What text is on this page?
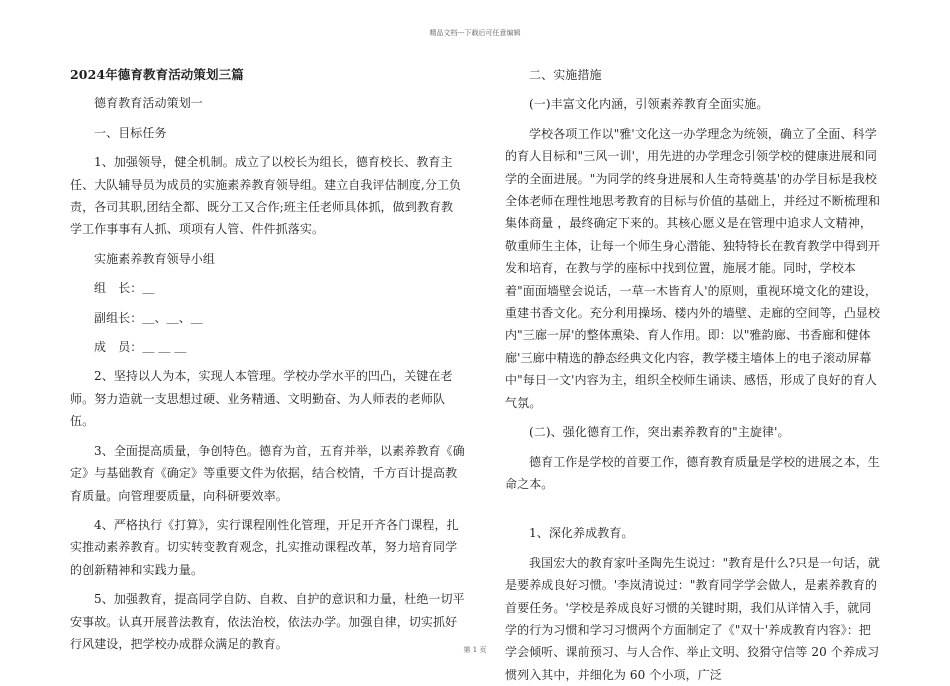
精品文档---下载后可任意编辑

2024年德育教育活动策划三篇

德育教育活动策划一

一、目标任务

1、加强领导，健全机制。成立了以校长为组长，德育校长、教育主任、大队辅导员为成员的实施素养教育领导组。建立自我评估制度,分工负责，各司其职,团结全都、既分工又合作;班主任老师具体抓，做到教育教学工作事事有人抓、项项有人管、件件抓落实。

实施素养教育领导小组

组　长：＿

副组长：＿、＿、＿

成　员：＿ ＿ ＿

2、坚持以人为本，实现人本管理。学校办学水平的凹凸，关键在老师。努力造就一支思想过硬、业务精通、文明勤奋、为人师表的老师队伍。

3、全面提高质量，争创特色。德育为首，五育并举，以素养教育《确定》与基础教育《确定》等重要文件为依据，结合校情，千方百计提高教育质量。向管理要质量，向科研要效率。

4、严格执行《打算》，实行课程刚性化管理，开足开齐各门课程，扎实推动素养教育。切实转变教育观念，扎实推动课程改革，努力培育同学的创新精神和实践力量。

5、加强教育，提高同学自防、自救、自护的意识和力量，杜绝一切平安事故。认真开展普法教育，依法治校，依法办学。加强自律，切实抓好行风建设，把学校办成群众满足的教育。

二、实施措施

(一)丰富文化内涵，引领素养教育全面实施。

学校各项工作以"雅'文化这一办学理念为统领，确立了全面、科学的育人目标和"三风一训'，用先进的办学理念引领学校的健康进展和同学的全面进展。"为同学的终身进展和人生奇特奠基'的办学目标是我校全体老师在理性地思考教育的目标与价值的基础上，并经过不断梳理和集体商量 ，最终确定下来的。其核心愿义是在管理中追求人文精神，敬重师生主体，让每一个师生身心潜能、独特特长在教育教学中得到开发和培育，在教与学的座标中找到位置，施展才能。同时，学校本着"面面墙壁会说话，一草一木皆育人'的原则，重视环境文化的建设，重建书香文化。充分利用操场、楼内外的墙壁、走廊的空间等，凸显校内"三廊一屏'的整体熏染、育人作用。即：以"雅韵廊、书香廊和健体廊'三廊中精选的静态经典文化内容，教学楼主墙体上的电子滚动屏幕中"每日一文'内容为主，组织全校师生诵读、感悟，形成了良好的育人气氛。

(二)、强化德育工作，突出素养教育的"主旋律'。

德育工作是学校的首要工作，德育教育质量是学校的进展之本，生命之本。

1、深化养成教育。

我国宏大的教育家叶圣陶先生说过："教育是什么?只是一句话，就是要养成良好习惯。'李岚清说过："教育同学学会做人，是素养教育的首要任务。'学校是养成良好习惯的关键时期，我们从详情入手，就同学的行为习惯和学习习惯两个方面制定了《"双十'养成教育内容》：把学会倾听、课前预习、与人合作、举止文明、狡猾守信等 20 个养成习惯列入其中，并细化为 60 个小项，广泛

第 1 页
